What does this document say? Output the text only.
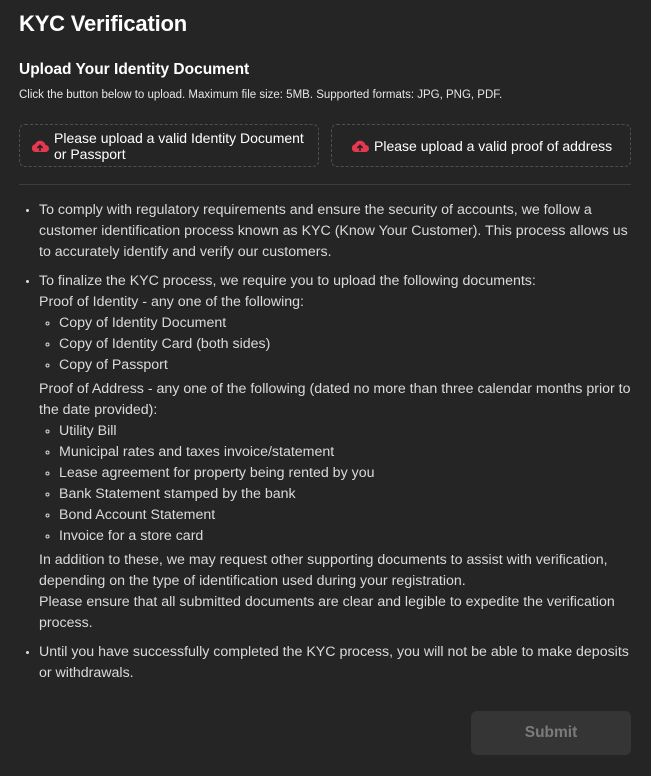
KYC Verification
Upload Your Identity Document

Click the button below to upload. Maximum file size: 5MB. Supported formats: JPG, PNG, PDF.

Please upload a valid Identity Document or Passport	Please upload a valid proof of address
• To comply with regulatory requirements and ensure the security of accounts, we follow a customer identification process known as KYC (Know Your Customer). This process allows us to accurately identify and verify our customers.

• To finalize the KYC process, we require you to upload the following documents:

Proof of Identity - any one of the following:

◦ Copy of Identity Document
◦ Copy of Identity Card (both sides)
◦ Copy of Passport

Proof of Address - any one of the following (dated no more than three calendar months prior to the date provided):

◦ Utility Bill
◦ Municipal rates and taxes invoice/statement
◦ Lease agreement for property being rented by you
◦ Bank Statement stamped by the bank
◦ Bond Account Statement
◦ Invoice for a store card

In addition to these, we may request other supporting documents to assist with verification, depending on the type of identification used during your registration.

Please ensure that all submitted documents are clear and legible to expedite the verification process.

• Until you have successfully completed the KYC process, you will not be able to make deposits or withdrawals.
Submit
